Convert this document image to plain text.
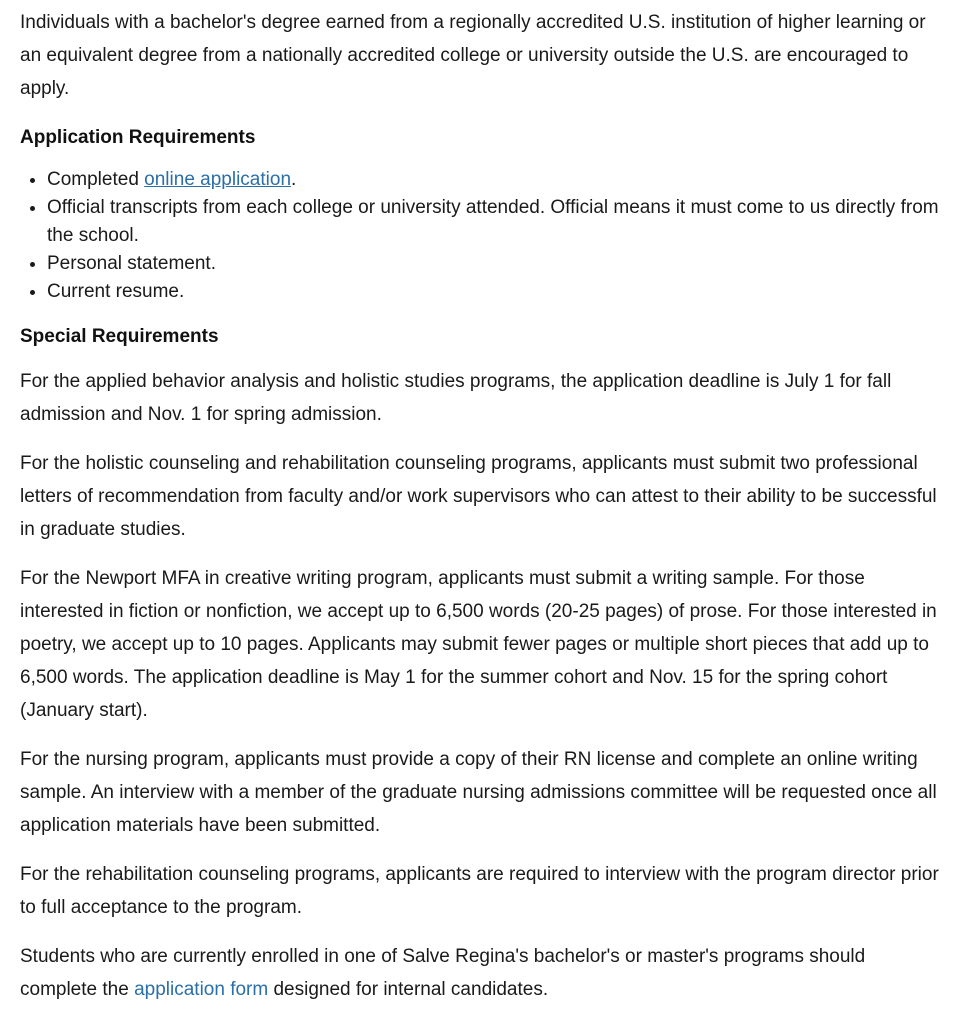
Individuals with a bachelor's degree earned from a regionally accredited U.S. institution of higher learning or an equivalent degree from a nationally accredited college or university outside the U.S. are encouraged to apply.

Application Requirements
• Completed online application.
• Official transcripts from each college or university attended. Official means it must come to us directly from the school.
• Personal statement.
• Current resume.
Special Requirements

For the applied behavior analysis and holistic studies programs, the application deadline is July 1 for fall admission and Nov. 1 for spring admission.

For the holistic counseling and rehabilitation counseling programs, applicants must submit two professional letters of recommendation from faculty and/or work supervisors who can attest to their ability to be successful in graduate studies.

For the Newport MFA in creative writing program, applicants must submit a writing sample. For those interested in fiction or nonfiction, we accept up to 6,500 words (20-25 pages) of prose. For those interested in poetry, we accept up to 10 pages. Applicants may submit fewer pages or multiple short pieces that add up to 6,500 words. The application deadline is May 1 for the summer cohort and Nov. 15 for the spring cohort (January start).

For the nursing program, applicants must provide a copy of their RN license and complete an online writing sample. An interview with a member of the graduate nursing admissions committee will be requested once all application materials have been submitted.

For the rehabilitation counseling programs, applicants are required to interview with the program director prior to full acceptance to the program.

Students who are currently enrolled in one of Salve Regina's bachelor's or master's programs should complete the application form designed for internal candidates.
